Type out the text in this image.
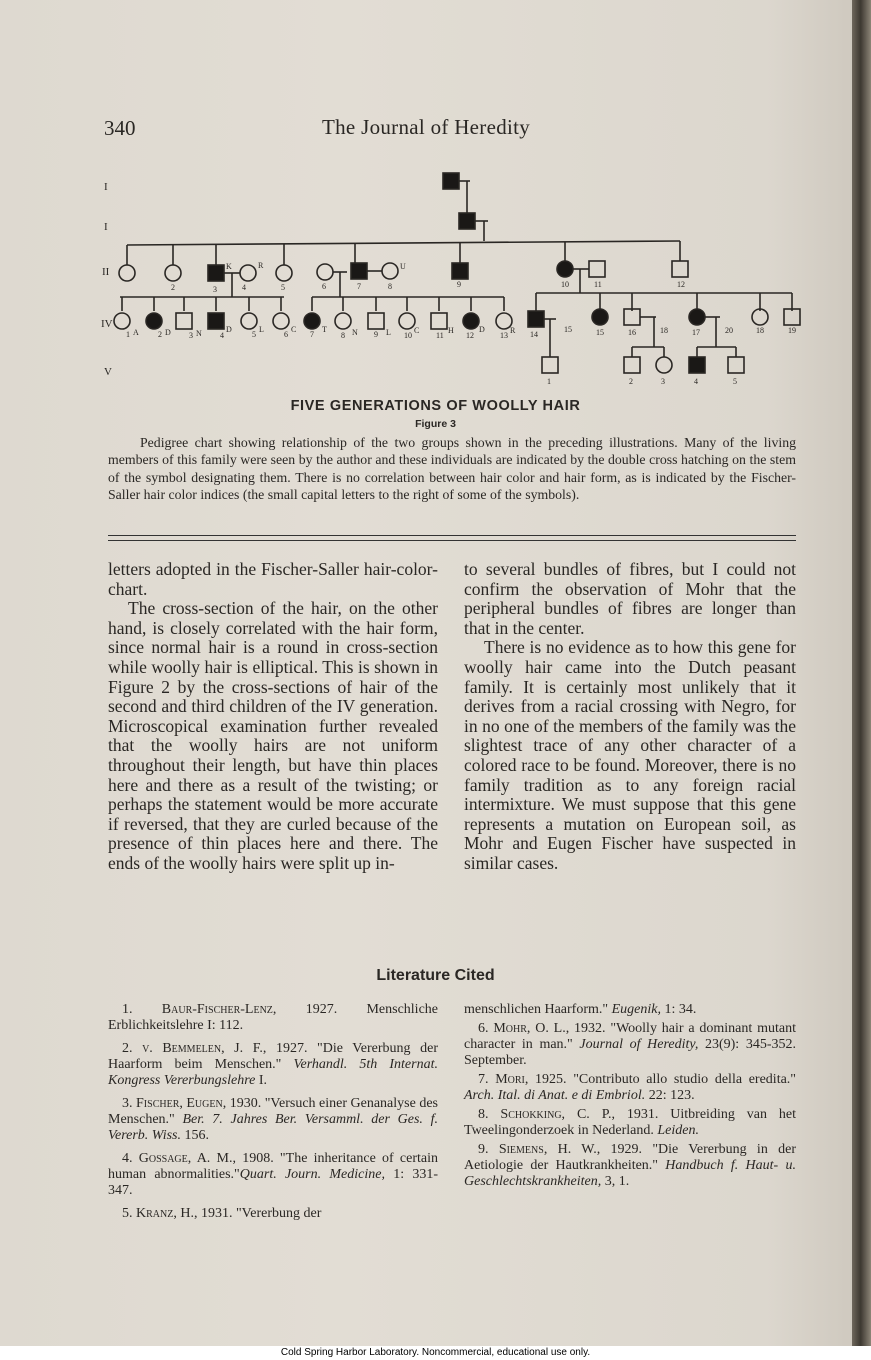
340	The Journal of Heredity
I
I
II
IV
V
2	3
K
4
R
5	6	7	8
U
9	10	11	12
1 A 2 D 3 N 4
D
5
L
6
C
7
T
8 N 9 L 10
C
11
H
12
D
13
R 14
15	15	16	18	17	20	18	19
1	2	3	4	5
FIVE GENERATIONS OF WOOLLY HAIR
Figure 3
Pedigree chart showing relationship of the two groups shown in the preceding illustrations. Many of the living members of this family were seen by the author and these individuals are indicated by the double cross hatching on the stem of the symbol designating them. There is no correlation between hair color and hair form, as is indicated by the Fischer-Saller hair color indices (the small capital letters to the right of some of the symbols).

letters adopted in the Fischer-Saller hair-color-chart.

The cross-section of the hair, on the other hand, is closely correlated with the hair form, since normal hair is a round in cross-section while woolly hair is elliptical. This is shown in Figure 2 by the cross-sections of hair of the second and third children of the IV generation. Microscopical examination further revealed that the woolly hairs are not uniform throughout their length, but have thin places here and there as a result of the twisting; or perhaps the statement would be more accurate if reversed, that they are curled because of the presence of thin places here and there. The ends of the woolly hairs were split up in-

to several bundles of fibres, but I could not confirm the observation of Mohr that the peripheral bundles of fibres are longer than that in the center.

There is no evidence as to how this gene for woolly hair came into the Dutch peasant family. It is certainly most unlikely that it derives from a racial crossing with Negro, for in no one of the members of the family was the slightest trace of any other character of a colored race to be found. Moreover, there is no family tradition as to any foreign racial intermixture. We must suppose that this gene represents a mutation on European soil, as Mohr and Eugen Fischer have suspected in similar cases.

Literature Cited

1. Baur-Fischer-Lenz, 1927. Menschliche Erblichkeitslehre I: 112.

2. v. Bemmelen, J. F., 1927. "Die Vererbung der Haarform beim Menschen." Verhandl. 5th Internat. Kongress Vererbungslehre I.

3. Fischer, Eugen, 1930. "Versuch einer Genanalyse des Menschen." Ber. 7. Jahres Ber. Versamml. der Ges. f. Vererb. Wiss. 156.

4. Gossage, A. M., 1908. "The inheritance of certain human abnormalities."Quart. Journ. Medicine, 1: 331-347.

5. Kranz, H., 1931. "Vererbung der

menschlichen Haarform." Eugenik, 1: 34.

6. Mohr, O. L., 1932. "Woolly hair a dominant mutant character in man." Journal of Heredity, 23(9): 345-352. September.

7. Mori, 1925. "Contributo allo studio della eredita." Arch. Ital. di Anat. e di Embriol. 22: 123.

8. Schokking, C. P., 1931. Uitbreiding van het Tweelingonderzoek in Nederland. Leiden.

9. Siemens, H. W., 1929. "Die Vererbung in der Aetiologie der Hautkrankheiten." Handbuch f. Haut- u. Geschlechtskrankheiten, 3, 1.

Cold Spring Harbor Laboratory. Noncommercial, educational use only.
